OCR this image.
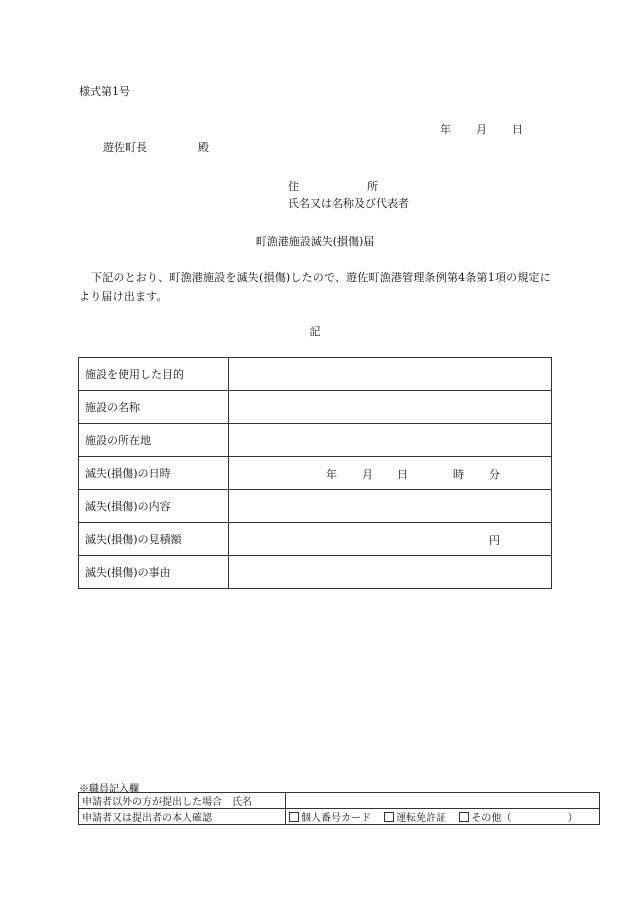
様式第1号
年 月 日
遊佐町長	殿
住	所
氏名又は名称及び代表者
町漁港施設滅失(損傷)届
下記のとおり、町漁港施設を滅失(損傷)したので、遊佐町漁港管理条例第4条第1項の規定により届け出ます。
記
施設を使用した目的	
施設の名称	
施設の所在地	
滅失(損傷)の日時	年 月 日 時 分

滅失(損傷)の内容	
滅失(損傷)の見積額	円

滅失(損傷)の事由	
※職員記入欄
申請者以外の方が提出した場合　氏名	
申請者又は提出者の本人確認	個人番号カード 運転免許証 その他（ ）
